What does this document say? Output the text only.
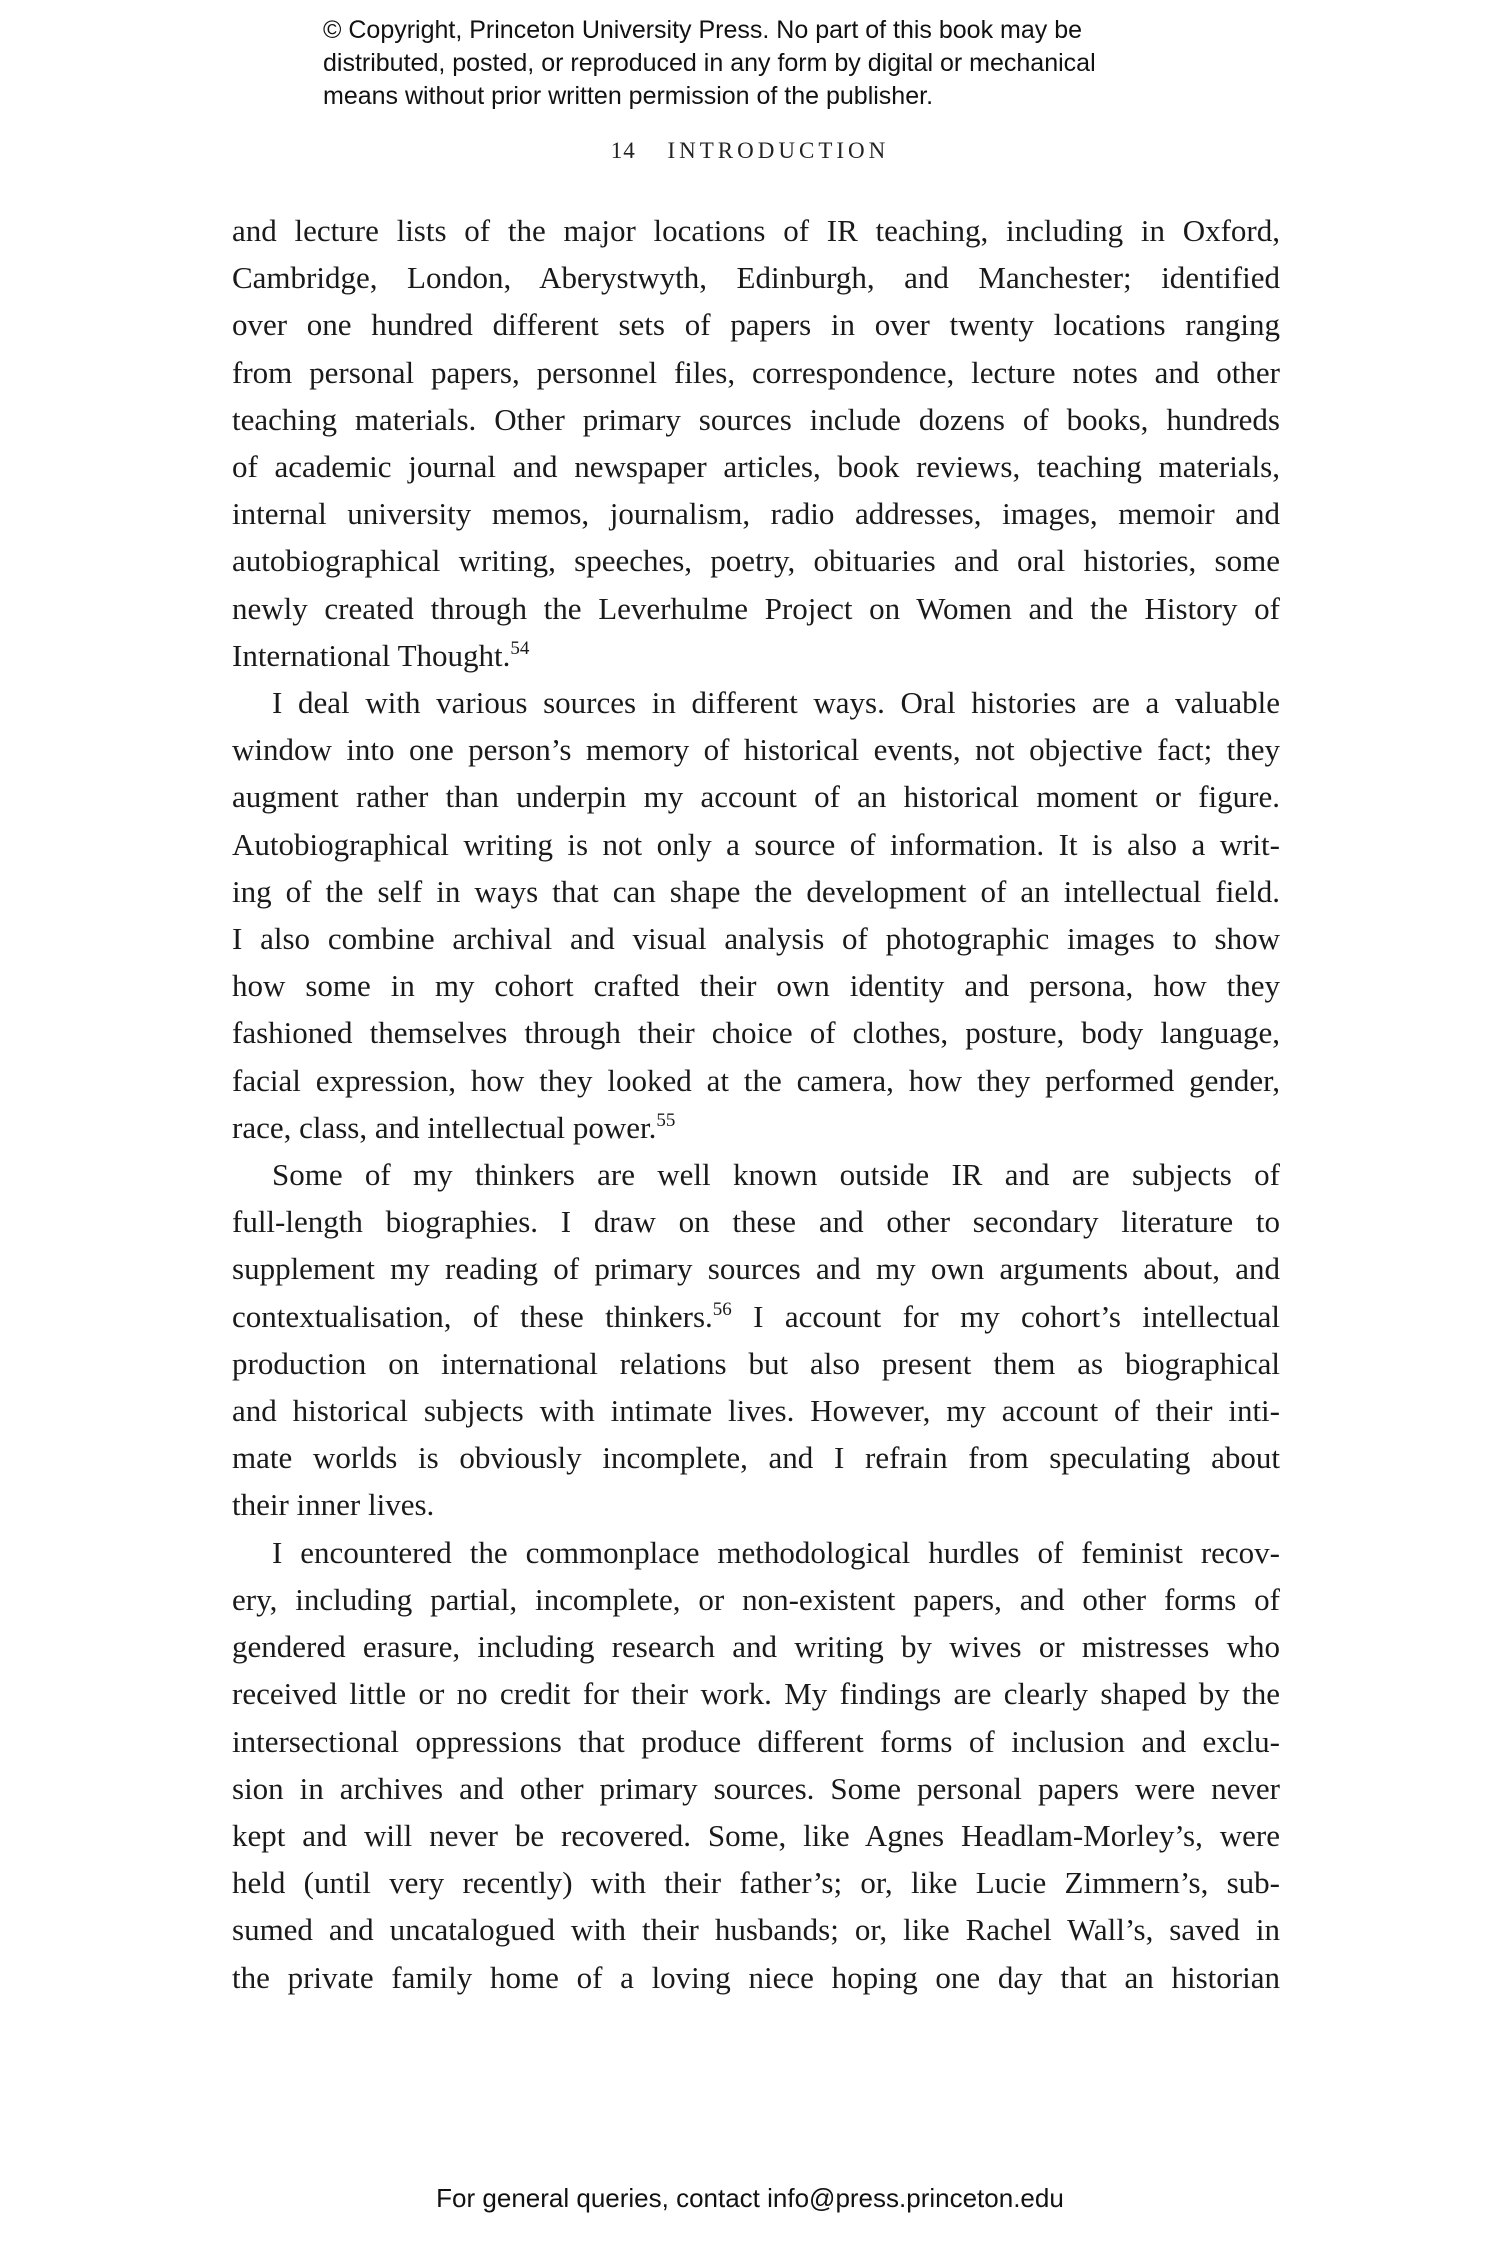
© Copyright, Princeton University Press. No part of this book may be
distributed, posted, or reproduced in any form by digital or mechanical
means without prior written permission of the publisher.
14 INTRODUCTION
and lecture lists of the major locations of IR teaching, including in Oxford,
Cambridge, London, Aberystwyth, Edinburgh, and Manchester; identified
over one hundred different sets of papers in over twenty locations ranging
from personal papers, personnel files, correspondence, lecture notes and other
teaching materials. Other primary sources include dozens of books, hundreds
of academic journal and newspaper articles, book reviews, teaching materials,
internal university memos, journalism, radio addresses, images, memoir and
autobiographical writing, speeches, poetry, obituaries and oral histories, some
newly created through the Leverhulme Project on Women and the History of
International Thought.$^{54}$
I deal with various sources in different ways. Oral histories are a valuable
window into one person’s memory of historical events, not objective fact; they
augment rather than underpin my account of an historical moment or figure.
Autobiographical writing is not only a source of information. It is also a writ-
ing of the self in ways that can shape the development of an intellectual field.
I also combine archival and visual analysis of photographic images to show
how some in my cohort crafted their own identity and persona, how they
fashioned themselves through their choice of clothes, posture, body language,
facial expression, how they looked at the camera, how they performed gender,
race, class, and intellectual power.$^{55}$
Some of my thinkers are well known outside IR and are subjects of
full-length biographies. I draw on these and other secondary literature to
supplement my reading of primary sources and my own arguments about, and
contextualisation, of these thinkers.$^{56}$ I account for my cohort’s intellectual
production on international relations but also present them as biographical
and historical subjects with intimate lives. However, my account of their inti-
mate worlds is obviously incomplete, and I refrain from speculating about
their inner lives.
I encountered the commonplace methodological hurdles of feminist recov-
ery, including partial, incomplete, or non-existent papers, and other forms of
gendered erasure, including research and writing by wives or mistresses who
received little or no credit for their work. My findings are clearly shaped by the
intersectional oppressions that produce different forms of inclusion and exclu-
sion in archives and other primary sources. Some personal papers were never
kept and will never be recovered. Some, like Agnes Headlam-Morley’s, were
held (until very recently) with their father’s; or, like Lucie Zimmern’s, sub-
sumed and uncatalogued with their husbands; or, like Rachel Wall’s, saved in
the private family home of a loving niece hoping one day that an historian
For general queries, contact info@press.princeton.edu
